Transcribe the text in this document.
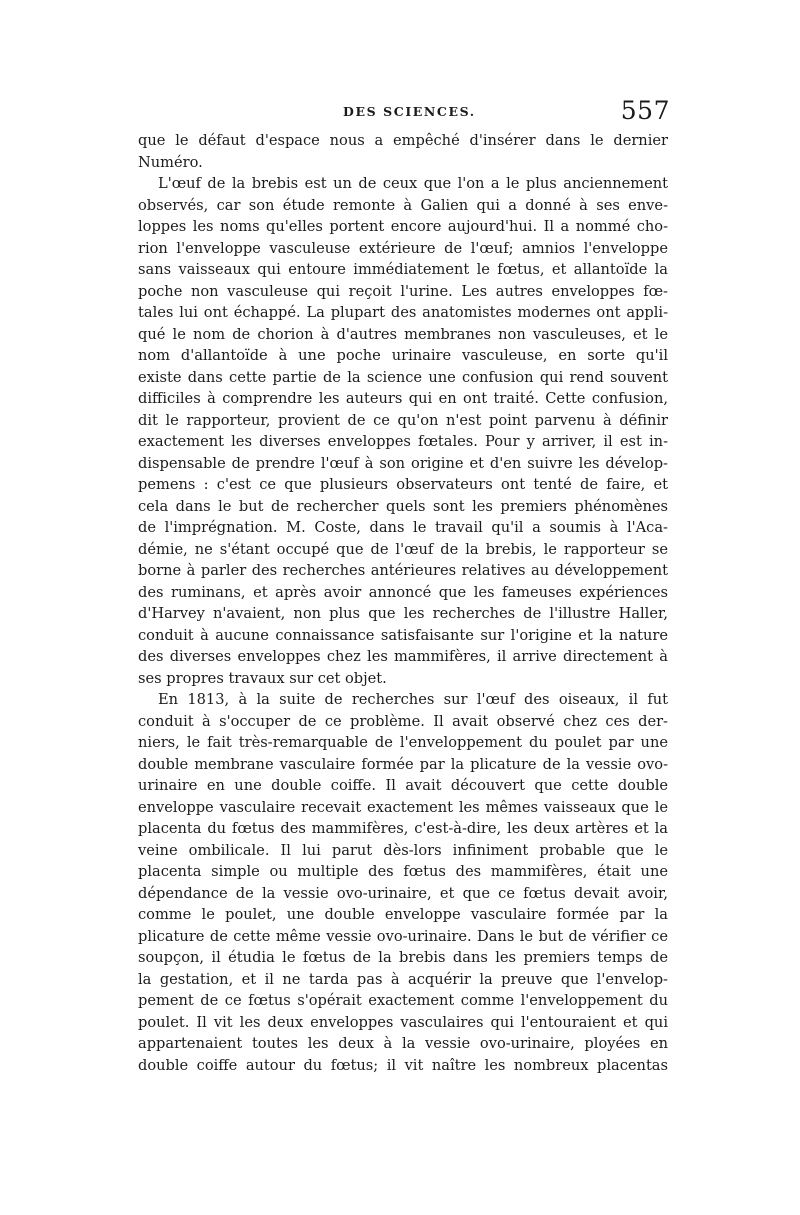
DES SCIENCES.	557
que le défaut d'espace nous a empêché d'insérer dans le dernier
Numéro.
L'œuf de la brebis est un de ceux que l'on a le plus anciennement
observés, car son étude remonte à Galien qui a donné à ses enve-
loppes les noms qu'elles portent encore aujourd'hui. Il a nommé cho-
rion l'enveloppe vasculeuse extérieure de l'œuf; amnios l'enveloppe
sans vaisseaux qui entoure immédiatement le fœtus, et allantoïde la
poche non vasculeuse qui reçoit l'urine. Les autres enveloppes fœ-
tales lui ont échappé. La plupart des anatomistes modernes ont appli-
qué le nom de chorion à d'autres membranes non vasculeuses, et le
nom d'allantoïde à une poche urinaire vasculeuse, en sorte qu'il
existe dans cette partie de la science une confusion qui rend souvent
difficiles à comprendre les auteurs qui en ont traité. Cette confusion,
dit le rapporteur, provient de ce qu'on n'est point parvenu à définir
exactement les diverses enveloppes fœtales. Pour y arriver, il est in-
dispensable de prendre l'œuf à son origine et d'en suivre les dévelop-
pemens : c'est ce que plusieurs observateurs ont tenté de faire, et
cela dans le but de rechercher quels sont les premiers phénomènes
de l'imprégnation. M. Coste, dans le travail qu'il a soumis à l'Aca-
démie, ne s'étant occupé que de l'œuf de la brebis, le rapporteur se
borne à parler des recherches antérieures relatives au développement
des ruminans, et après avoir annoncé que les fameuses expériences
d'Harvey n'avaient, non plus que les recherches de l'illustre Haller,
conduit à aucune connaissance satisfaisante sur l'origine et la nature
des diverses enveloppes chez les mammifères, il arrive directement à
ses propres travaux sur cet objet.
En 1813, à la suite de recherches sur l'œuf des oiseaux, il fut
conduit à s'occuper de ce problème. Il avait observé chez ces der-
niers, le fait très-remarquable de l'enveloppement du poulet par une
double membrane vasculaire formée par la plicature de la vessie ovo-
urinaire en une double coiffe. Il avait découvert que cette double
enveloppe vasculaire recevait exactement les mêmes vaisseaux que le
placenta du fœtus des mammifères, c'est-à-dire, les deux artères et la
veine ombilicale. Il lui parut dès-lors infiniment probable que le
placenta simple ou multiple des fœtus des mammifères, était une
dépendance de la vessie ovo-urinaire, et que ce fœtus devait avoir,
comme le poulet, une double enveloppe vasculaire formée par la
plicature de cette même vessie ovo-urinaire. Dans le but de vérifier ce
soupçon, il étudia le fœtus de la brebis dans les premiers temps de
la gestation, et il ne tarda pas à acquérir la preuve que l'envelop-
pement de ce fœtus s'opérait exactement comme l'enveloppement du
poulet. Il vit les deux enveloppes vasculaires qui l'entouraient et qui
appartenaient toutes les deux à la vessie ovo-urinaire, ployées en
double coiffe autour du fœtus; il vit naître les nombreux placentas
